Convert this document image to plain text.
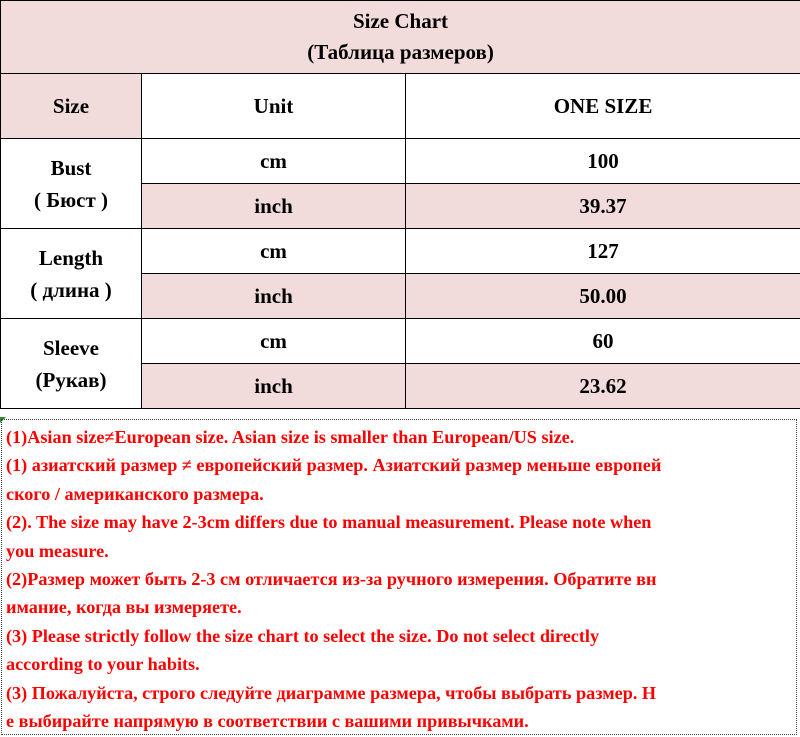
Size Chart
(Таблица размеров)		

Size	Unit	ONE SIZE

Bust
( Бюст )	cm	100
	inch	39.37

Length
( длина )	cm	127
	inch	50.00

Sleeve
(Рукав)	cm	60
	inch	23.62
(1)Asian size≠European size. Asian size is smaller than European/US size.
(1) азиатский размер ≠ европейский размер. Азиатский размер меньше европей
ского / американского размера.
(2). The size may have 2-3cm differs due to manual measurement. Please note when
you measure.
(2)Размер может быть 2-3 см отличается из-за ручного измерения. Обратите вн
имание, когда вы измеряете.
(3) Please strictly follow the size chart to select the size. Do not select directly
according to your habits.
(3) Пожалуйста, строго следуйте диаграмме размера, чтобы выбрать размер. Н
е выбирайте напрямую в соответствии с вашими привычками.
